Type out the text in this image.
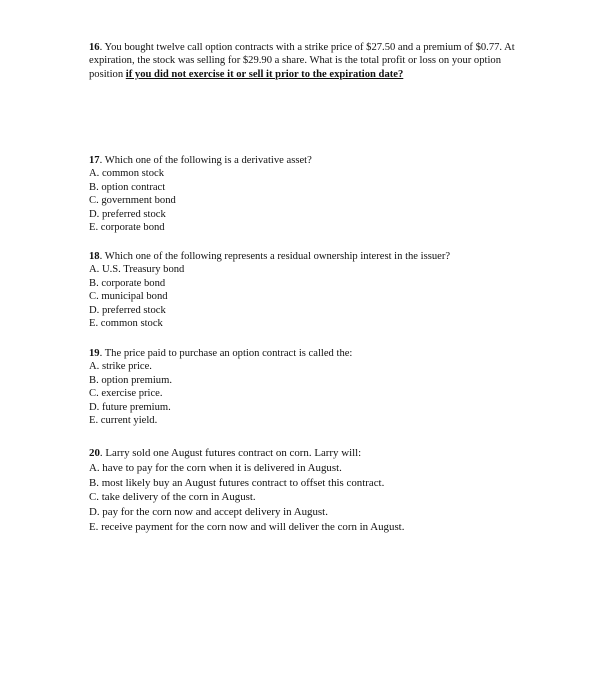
16. You bought twelve call option contracts with a strike price of $27.50 and a premium of $0.77. At expiration, the stock was selling for $29.90 a share. What is the total profit or loss on your option position if you did not exercise it or sell it prior to the expiration date?

17. Which one of the following is a derivative asset?

A. common stock
B. option contract
C. government bond
D. preferred stock
E. corporate bond

18. Which one of the following represents a residual ownership interest in the issuer?

A. U.S. Treasury bond
B. corporate bond
C. municipal bond
D. preferred stock
E. common stock

19. The price paid to purchase an option contract is called the:

A. strike price.
B. option premium.
C. exercise price.
D. future premium.
E. current yield.

20. Larry sold one August futures contract on corn. Larry will:

A. have to pay for the corn when it is delivered in August.
B. most likely buy an August futures contract to offset this contract.
C. take delivery of the corn in August.
D. pay for the corn now and accept delivery in August.
E. receive payment for the corn now and will deliver the corn in August.
